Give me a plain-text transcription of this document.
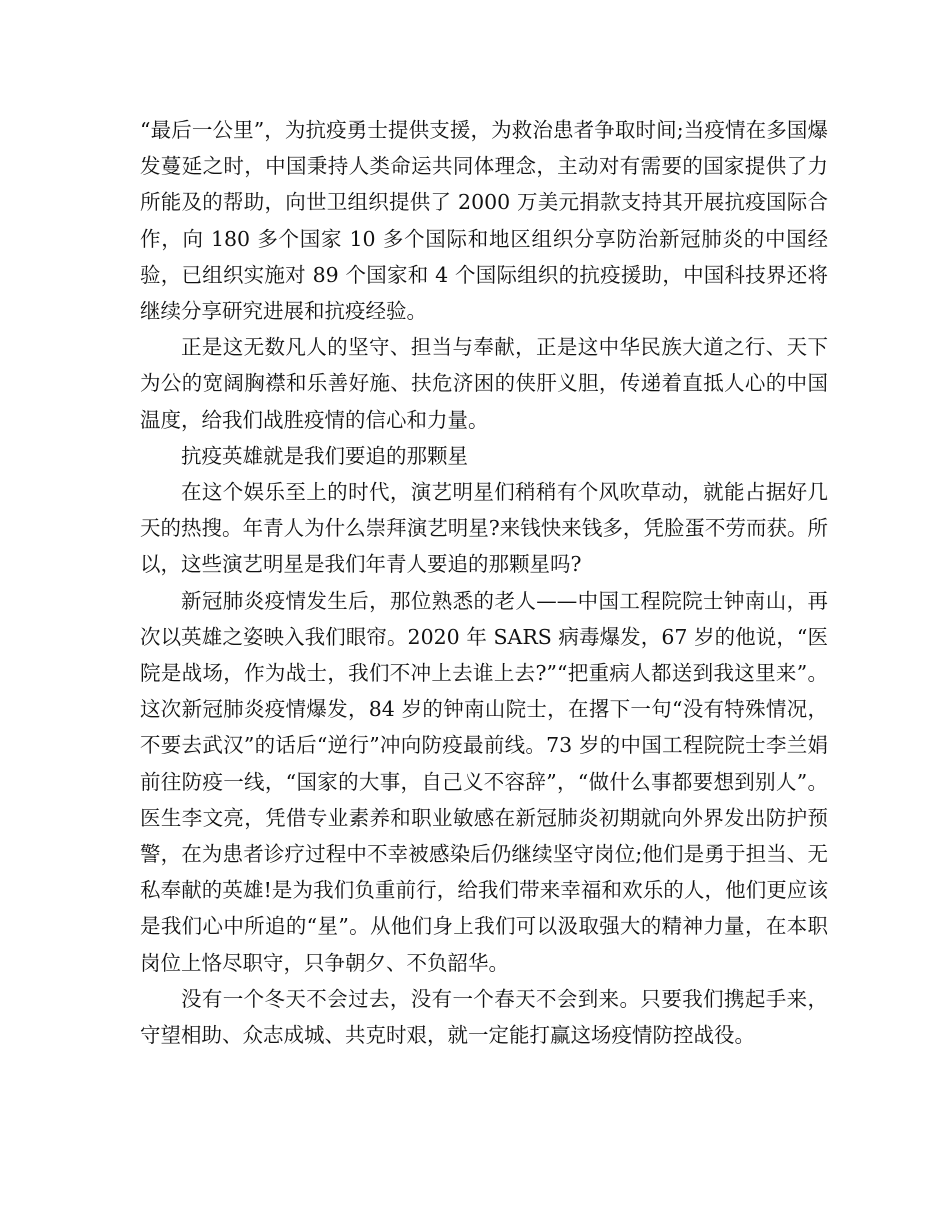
“最后一公里”，为抗疫勇士提供支援，为救治患者争取时间;当疫情在多国爆发蔓延之时，中国秉持人类命运共同体理念，主动对有需要的国家提供了力所能及的帮助，向世卫组织提供了 2000 万美元捐款支持其开展抗疫国际合作，向 180 多个国家 10 多个国际和地区组织分享防治新冠肺炎的中国经验，已组织实施对 89 个国家和 4 个国际组织的抗疫援助，中国科技界还将继续分享研究进展和抗疫经验。

正是这无数凡人的坚守、担当与奉献，正是这中华民族大道之行、天下为公的宽阔胸襟和乐善好施、扶危济困的侠肝义胆，传递着直抵人心的中国温度，给我们战胜疫情的信心和力量。

抗疫英雄就是我们要追的那颗星

在这个娱乐至上的时代，演艺明星们稍稍有个风吹草动，就能占据好几天的热搜。年青人为什么崇拜演艺明星?来钱快来钱多，凭脸蛋不劳而获。所以，这些演艺明星是我们年青人要追的那颗星吗?

新冠肺炎疫情发生后，那位熟悉的老人——中国工程院院士钟南山，再次以英雄之姿映入我们眼帘。2020 年 SARS 病毒爆发，67 岁的他说，“医院是战场，作为战士，我们不冲上去谁上去?”“把重病人都送到我这里来”。这次新冠肺炎疫情爆发，84 岁的钟南山院士，在撂下一句“没有特殊情况，不要去武汉”的话后“逆行”冲向防疫最前线。73 岁的中国工程院院士李兰娟前往防疫一线，“国家的大事，自己义不容辞”，“做什么事都要想到别人”。医生李文亮，凭借专业素养和职业敏感在新冠肺炎初期就向外界发出防护预警，在为患者诊疗过程中不幸被感染后仍继续坚守岗位;他们是勇于担当、无私奉献的英雄!是为我们负重前行，给我们带来幸福和欢乐的人，他们更应该是我们心中所追的“星”。从他们身上我们可以汲取强大的精神力量，在本职岗位上恪尽职守，只争朝夕、不负韶华。

没有一个冬天不会过去，没有一个春天不会到来。只要我们携起手来，守望相助、众志成城、共克时艰，就一定能打赢这场疫情防控战役。
